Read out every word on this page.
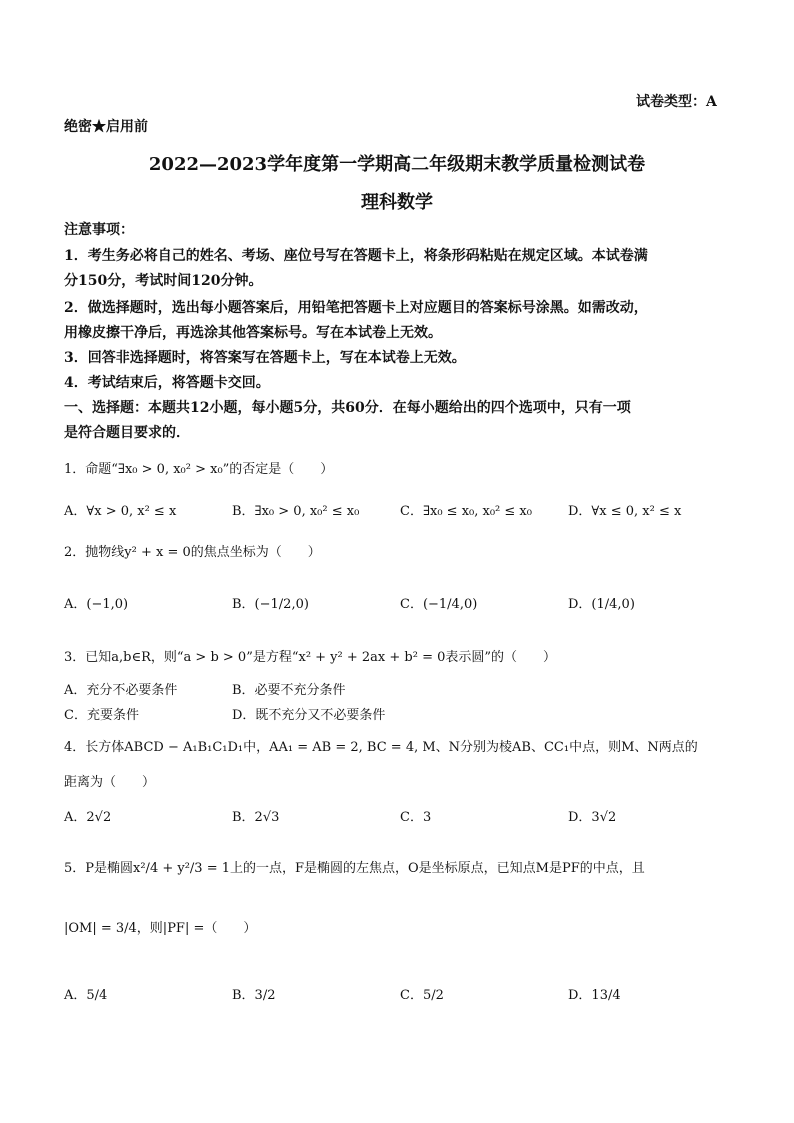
试卷类型：A
绝密★启用前
2022—2023学年度第一学期高二年级期末教学质量检测试卷
理科数学
注意事项：
1．考生务必将自己的姓名、考场、座位号写在答题卡上，将条形码粘贴在规定区域。本试卷满
分150分，考试时间120分钟。
2．做选择题时，选出每小题答案后，用铅笔把答题卡上对应题目的答案标号涂黑。如需改动，
用橡皮擦干净后，再选涂其他答案标号。写在本试卷上无效。
3．回答非选择题时，将答案写在答题卡上，写在本试卷上无效。
4．考试结束后，将答题卡交回。
一、选择题：本题共12小题，每小题5分，共60分．在每小题给出的四个选项中，只有一项
是符合题目要求的．
1．命题“∃x₀ > 0, x₀² > x₀”的否定是（　　）
A．∀x > 0, x² ≤ x	B．∃x₀ > 0, x₀² ≤ x₀	C．∃x₀ ≤ x₀, x₀² ≤ x₀	D．∀x ≤ 0, x² ≤ x
2．抛物线y² + x = 0的焦点坐标为（　　）
A．(−1,0)	B．(−1/2,0)	C．(−1/4,0)	D．(1/4,0)
3．已知a,b∈R，则“a > b > 0”是方程“x² + y² + 2ax + b² = 0表示圆”的（　　）
A．充分不必要条件	B．必要不充分条件
C．充要条件	D．既不充分又不必要条件
4．长方体ABCD − A₁B₁C₁D₁中，AA₁ = AB = 2, BC = 4, M、N分别为棱AB、CC₁中点，则M、N两点的
距离为（　　）
A．2√2	B．2√3	C．3	D．3√2
5．P是椭圆x²/4 + y²/3 = 1上的一点，F是椭圆的左焦点，O是坐标原点，已知点M是PF的中点，且
|OM| = 3/4，则|PF| =（　　）
A．5/4	B．3/2	C．5/2	D．13/4
